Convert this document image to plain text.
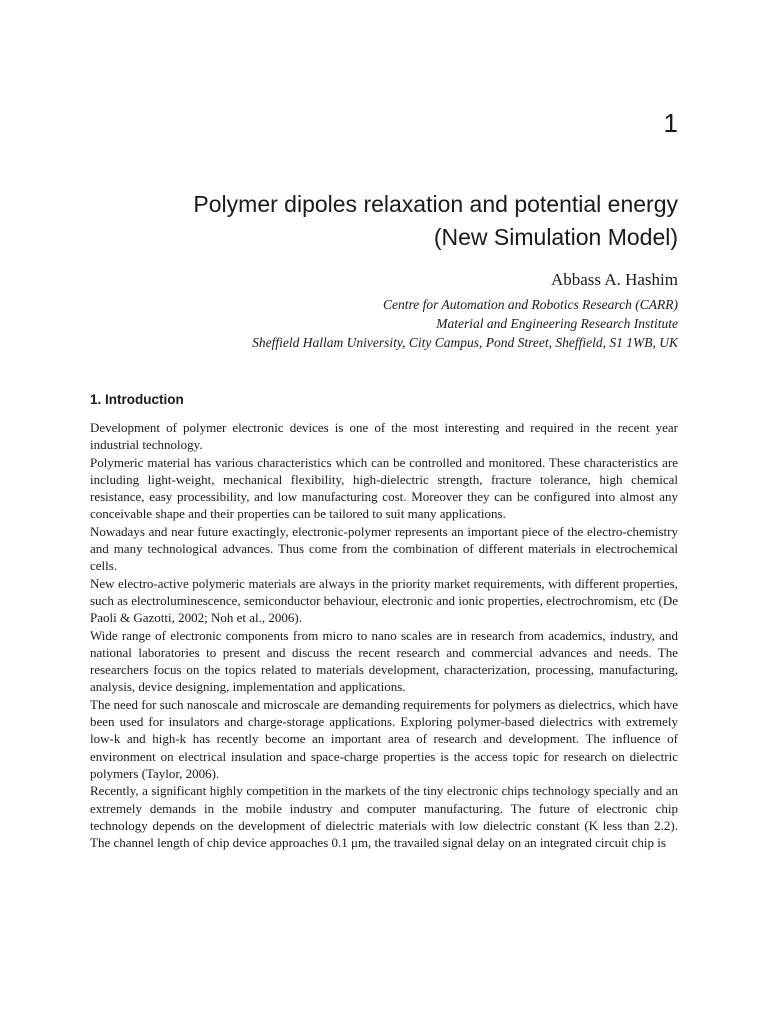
1
Polymer dipoles relaxation and potential energy
(New Simulation Model)

Abbass A. Hashim

Centre for Automation and Robotics Research (CARR)

Material and Engineering Research Institute

Sheffield Hallam University, City Campus, Pond Street, Sheffield, S1 1WB, UK

1. Introduction

Development of polymer electronic devices is one of the most interesting and required in the recent year industrial technology.

Polymeric material has various characteristics which can be controlled and monitored. These characteristics are including light-weight, mechanical flexibility, high-dielectric strength, fracture tolerance, high chemical resistance, easy processibility, and low manufacturing cost. Moreover they can be configured into almost any conceivable shape and their properties can be tailored to suit many applications.

Nowadays and near future exactingly, electronic-polymer represents an important piece of the electro-chemistry and many technological advances. Thus come from the combination of different materials in electrochemical cells.

New electro-active polymeric materials are always in the priority market requirements, with different properties, such as electroluminescence, semiconductor behaviour, electronic and ionic properties, electrochromism, etc (De Paoli & Gazotti, 2002; Noh et al., 2006).

Wide range of electronic components from micro to nano scales are in research from academics, industry, and national laboratories to present and discuss the recent research and commercial advances and needs. The researchers focus on the topics related to materials development, characterization, processing, manufacturing, analysis, device designing, implementation and applications.

The need for such nanoscale and microscale are demanding requirements for polymers as dielectrics, which have been used for insulators and charge-storage applications. Exploring polymer-based dielectrics with extremely low-k and high-k has recently become an important area of research and development. The influence of environment on electrical insulation and space-charge properties is the access topic for research on dielectric polymers (Taylor, 2006).

Recently, a significant highly competition in the markets of the tiny electronic chips technology specially and an extremely demands in the mobile industry and computer manufacturing. The future of electronic chip technology depends on the development of dielectric materials with low dielectric constant (K less than 2.2). The channel length of chip device approaches 0.1 μm, the travailed signal delay on an integrated circuit chip is
